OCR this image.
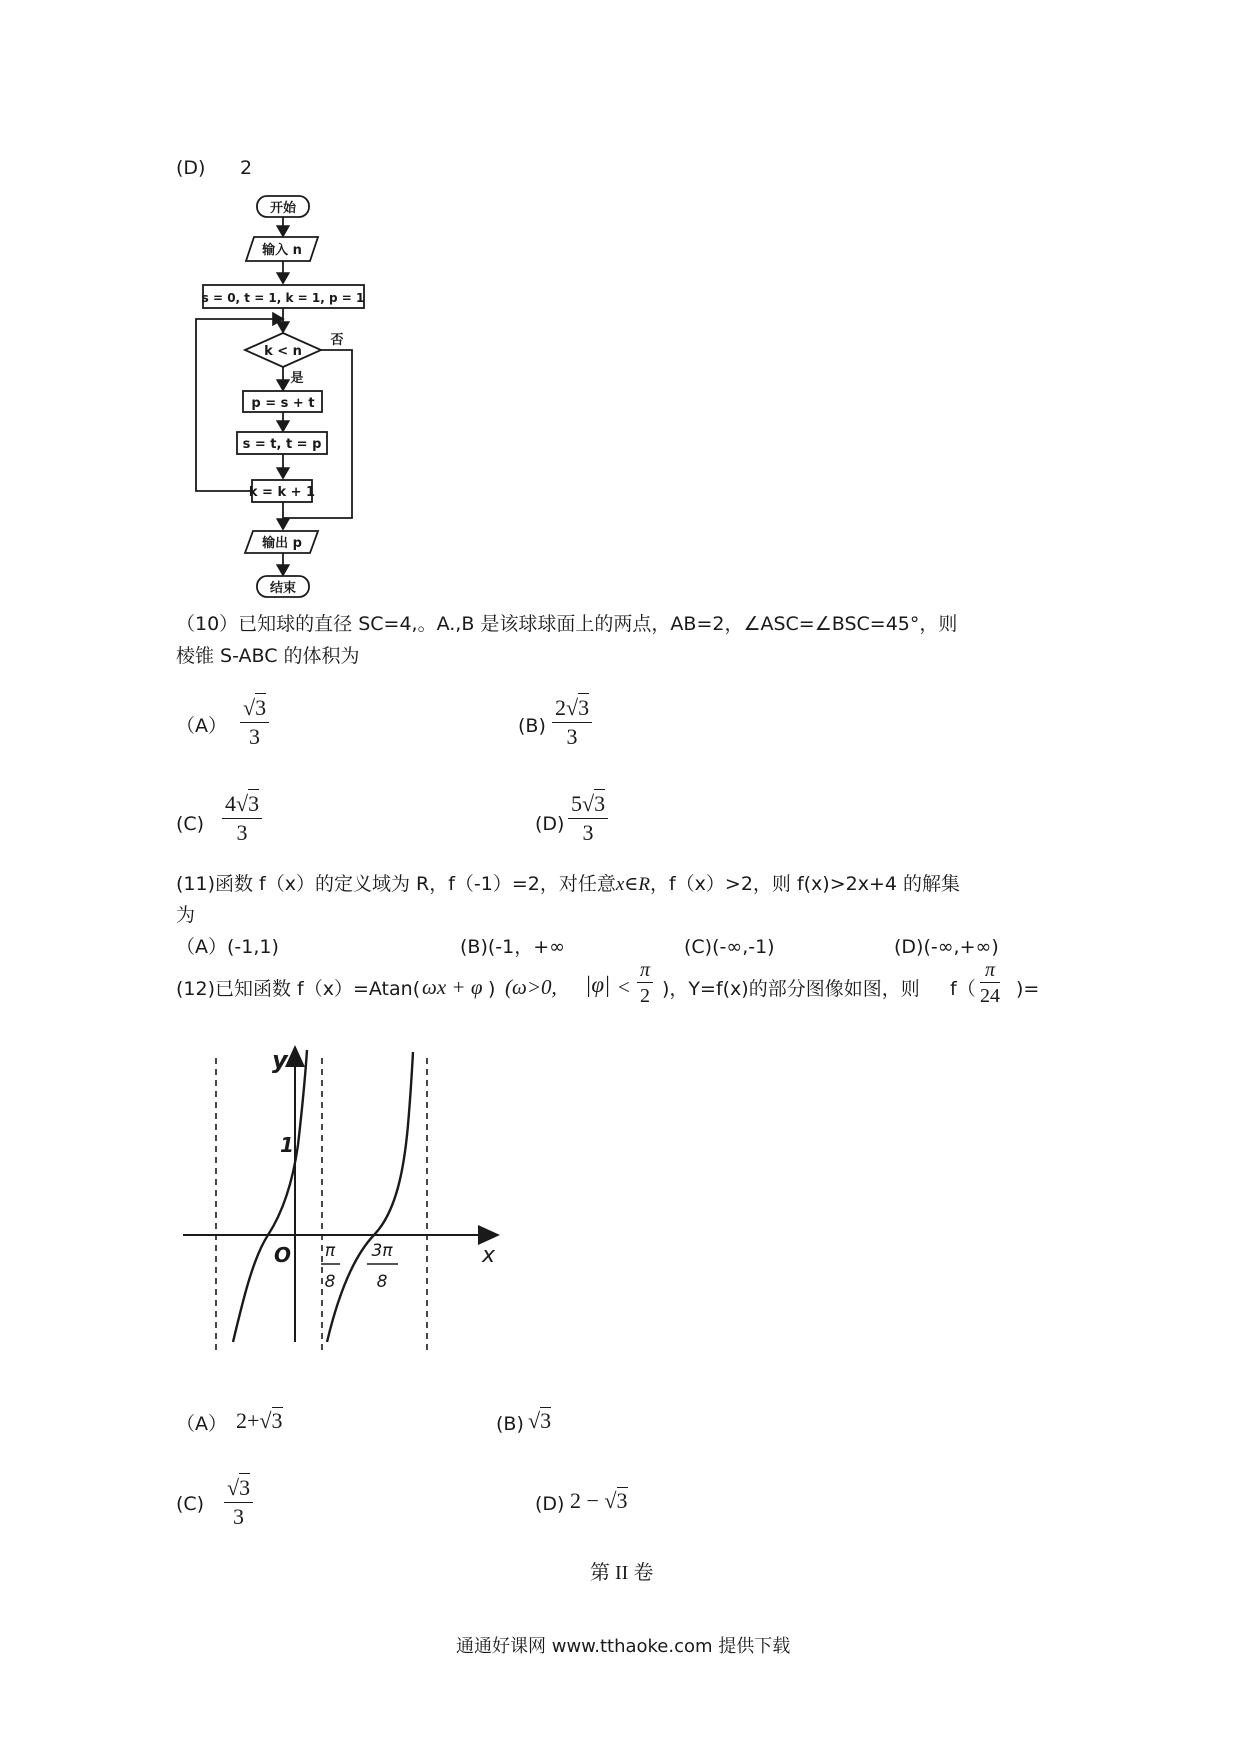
(D) 2
开始
输入 n
s = 0, t = 1, k = 1, p = 1
k < n
否
是
p = s + t
s = t, t = p
k = k + 1
输出 p
结束
（10）已知球的直径 SC=4,。A.,B 是该球球面上的两点，AB=2，∠ASC=∠BSC=45°，则
棱锥 S-ABC 的体积为
$(A) \frac{√3}{3}$	$(B) \frac{2√3}{3}$
$(C) \frac{4√3}{3}$	$(D) \frac{5√3}{3}$
(11)函数 f（x）的定义域为 R，f（-1）=2，对任意x∈R，f（x）>2，则 f(x)>2x+4 的解集
为
（A）(-1,1)	(B)(-1，+∞	(C)(-∞,-1)	(D)(-∞,+∞)
(12)已知函数 f（x）=Atan( ωx + φ ) (ω>0, $|\varphi| < \frac{\pi}{2}$ )，Y=f(x)的部分图像如图，则 $f( \frac{\pi}{24}$ )=
y
x
1
O π
8
3π
8
（A） 2+√3	(B) √3
$(C) \frac{√3}{3}$	(D) 2 − √3
第 II 卷
通通好课网 www.tthaoke.com 提供下载
